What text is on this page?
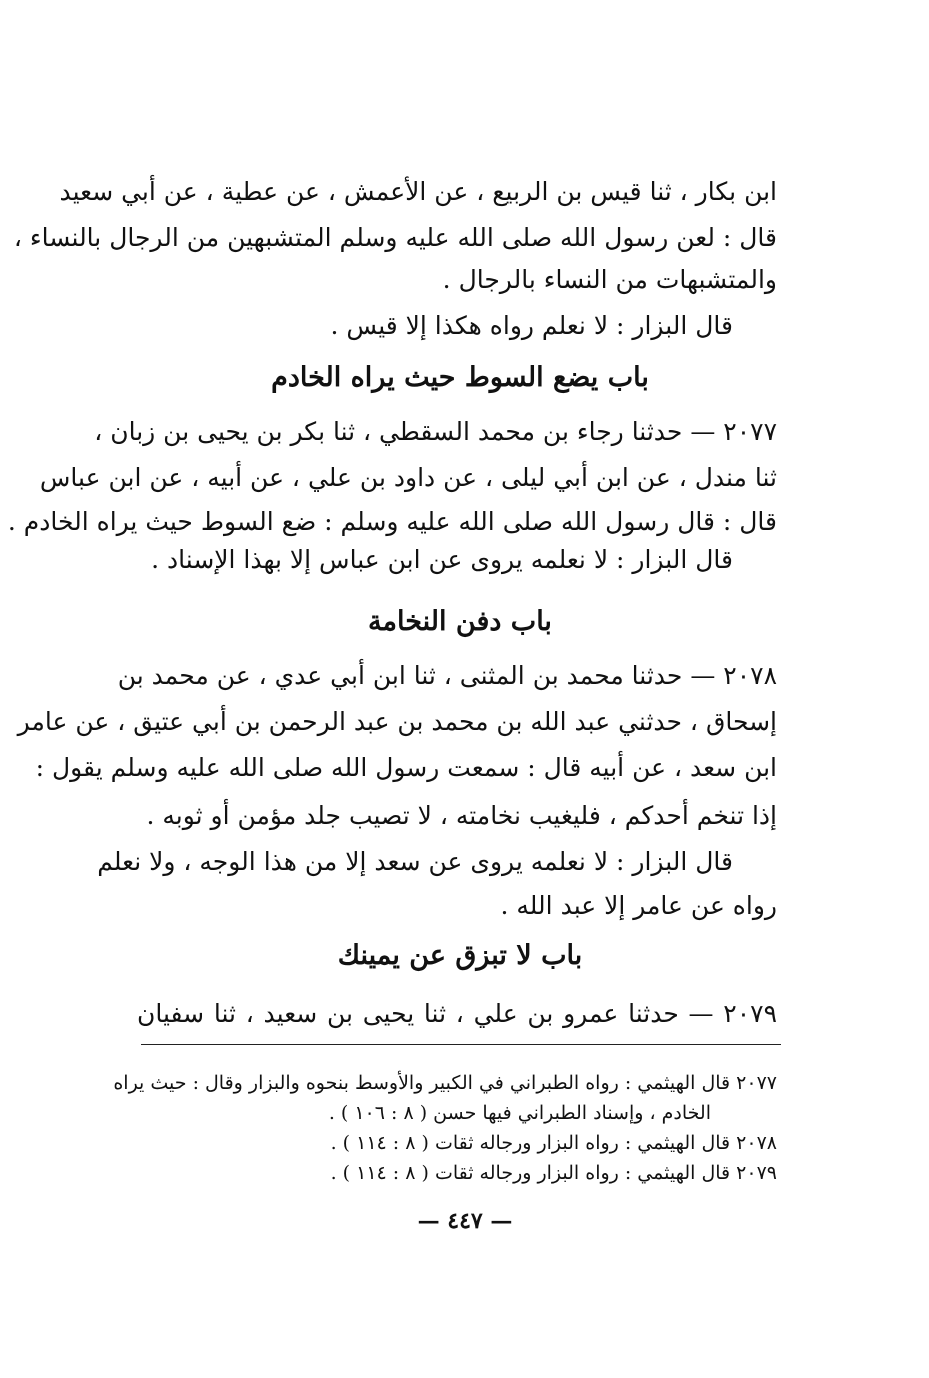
ابن بكار ، ثنا قيس بن الربيع ، عن الأعمش ، عن عطية ، عن أبي سعيد
قال : لعن رسول الله صلى الله عليه وسلم المتشبهين من الرجال بالنساء ،
والمتشبهات من النساء بالرجال .
قال البزار : لا نعلم رواه هكذا إلا قيس .
باب يضع السوط حيث يراه الخادم
٢٠٧٧ — حدثنا رجاء بن محمد السقطي ، ثنا بكر بن يحيى بن زبان ،
ثنا مندل ، عن ابن أبي ليلى ، عن داود بن علي ، عن أبيه ، عن ابن عباس
قال : قال رسول الله صلى الله عليه وسلم : ضع السوط حيث يراه الخادم .
قال البزار : لا نعلمه يروى عن ابن عباس إلا بهذا الإسناد .
باب دفن النخامة
٢٠٧٨ — حدثنا محمد بن المثنى ، ثنا ابن أبي عدي ، عن محمد بن
إسحاق ، حدثني عبد الله بن محمد بن عبد الرحمن بن أبي عتيق ، عن عامر
ابن سعد ، عن أبيه قال : سمعت رسول الله صلى الله عليه وسلم يقول :
إذا تنخم أحدكم ، فليغيب نخامته ، لا تصيب جلد مؤمن أو ثوبه .
قال البزار : لا نعلمه يروى عن سعد إلا من هذا الوجه ، ولا نعلم
رواه عن عامر إلا عبد الله .
باب لا تبزق عن يمينك
٢٠٧٩ — حدثنا عمرو بن علي ، ثنا يحيى بن سعيد ، ثنا سفيان
٢٠٧٧ قال الهيثمي : رواه الطبراني في الكبير والأوسط بنحوه والبزار وقال : حيث يراه
الخادم ، وإسناد الطبراني فيها حسن ( ٨ : ١٠٦ ) .
٢٠٧٨ قال الهيثمي : رواه البزار ورجاله ثقات ( ٨ : ١١٤ ) .
٢٠٧٩ قال الهيثمي : رواه البزار ورجاله ثقات ( ٨ : ١١٤ ) .
— ٤٤٧ —
